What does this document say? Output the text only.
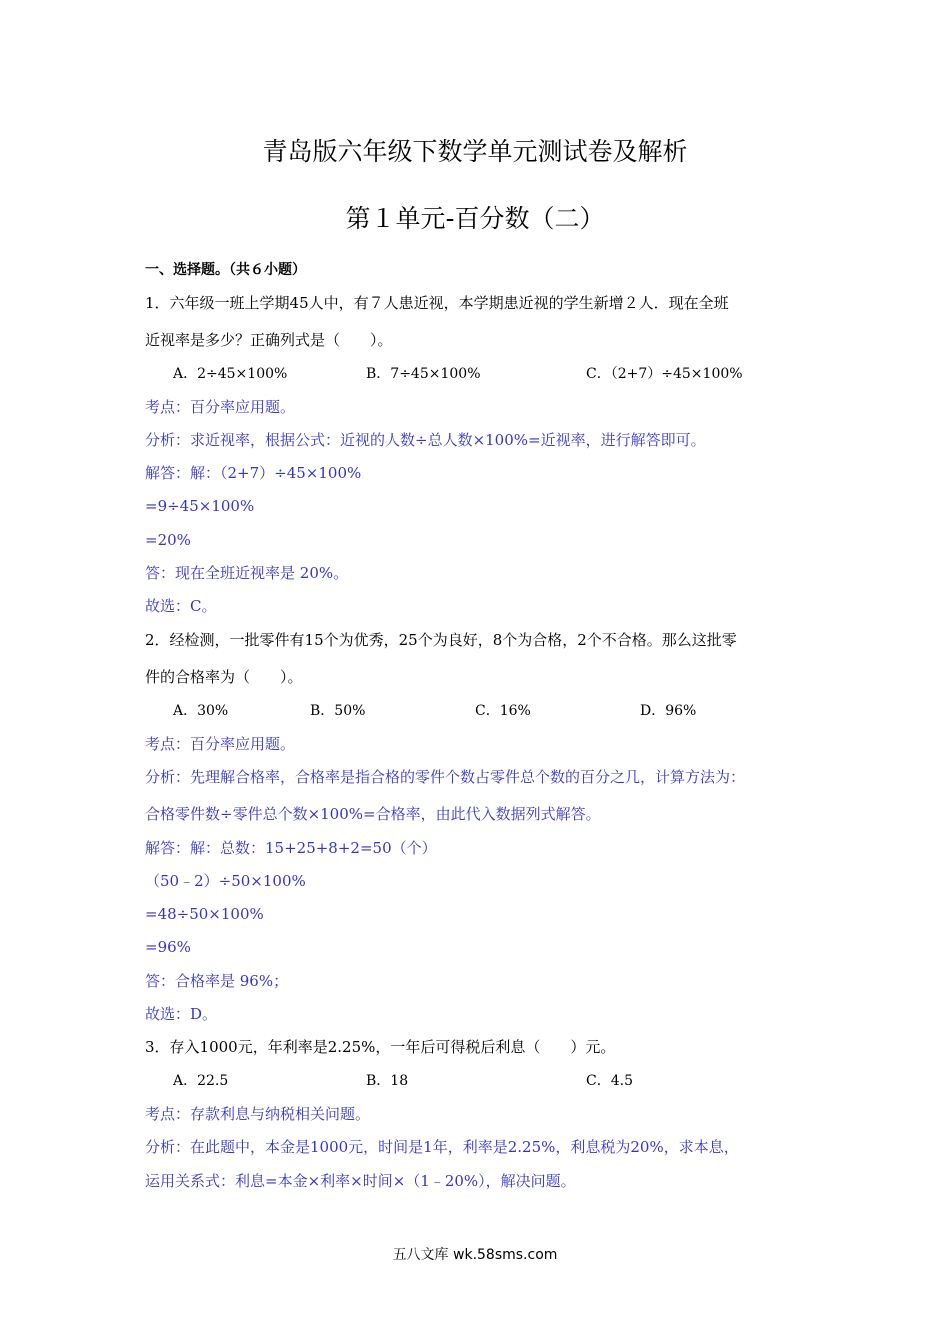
青岛版六年级下数学单元测试卷及解析
第１单元-百分数（二）
一、选择题。（共６小题）
1．六年级一班上学期45人中，有７人患近视，本学期患近视的学生新增２人．现在全班
近视率是多少？正确列式是（　　）。
A．2÷45×100%	B．7÷45×100%	C．（2+7）÷45×100%
考点：百分率应用题。
分析：求近视率，根据公式：近视的人数÷总人数×100%=近视率，进行解答即可。
解答：解：（2+7）÷45×100%
=9÷45×100%
=20%
答：现在全班近视率是 20%。
故选：C。
2．经检测，一批零件有15个为优秀，25个为良好，8个为合格，2个不合格。那么这批零
件的合格率为（　　）。
A．30%	B．50%	C．16%	D．96%
考点：百分率应用题。
分析：先理解合格率，合格率是指合格的零件个数占零件总个数的百分之几，计算方法为：
合格零件数÷零件总个数×100%=合格率，由此代入数据列式解答。
解答：解：总数：15+25+8+2=50（个）
（50﹣2）÷50×100%
=48÷50×100%
=96%
答：合格率是 96%；
故选：D。
3．存入1000元，年利率是2.25%，一年后可得税后利息（　　）元。
A．22.5	B．18	C．4.5
考点：存款利息与纳税相关问题。
分析：在此题中，本金是1000元，时间是1年，利率是2.25%，利息税为20%，求本息，
运用关系式：利息=本金×利率×时间×（1﹣20%），解决问题。
五八文库 wk.58sms.com
